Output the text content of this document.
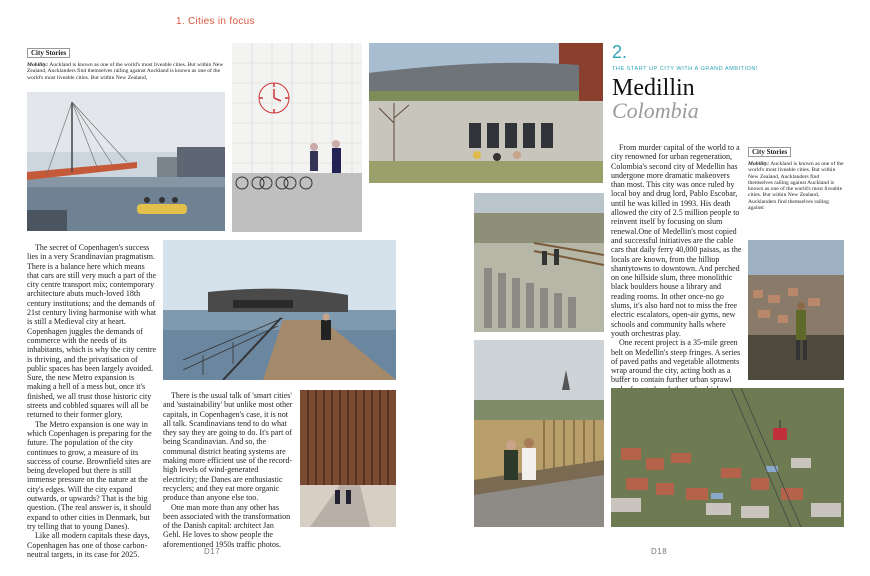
1. Cities in focus
City Stories
Mobility: Auckland is known as one of the world's most liveable cities. But within New Zealand, Aucklanders find themselves railing against Auckland is known as one of the world's most liveable cities. But within New Zealand,

The secret of Copenhagen's success lies in a very Scandinavian pragmatism. There is a balance here which means that cars are still very much a part of the city centre transport mix; contemporary architecture abuts much-loved 18th century institutions; and the demands of 21st century living harmonise with what is still a Medieval city at heart. Copenhagen juggles the demands of commerce with the needs of its inhabitants, which is why the city centre is thriving, and the privatisation of public spaces has been largely avoided. Sure, the new Metro expansion is making a hell of a mess but, once it's finished, we all trust those historic city streets and cobbled squares will all be returned to their former glory.

The Metro expansion is one way in which Copenhagen is preparing for the future. The population of the city continues to grow, a measure of its success of course. Brownfield sites are being developed but there is still immense pressure on the nature at the city's edges. Will the city expand outwards, or upwards? That is the big question. (The real answer is, it should expand to other cities in Denmark, but try telling that to young Danes).

Like all modern capitals these days, Copenhagen has one of those carbon-neutral targets, in its case for 2025.

There is the usual talk of 'smart cities' and 'sustainability' but unlike most other capitals, in Copenhagen's case, it is not all talk. Scandinavians tend to do what they say they are going to do. It's part of being Scandinavian. And so, the communal district heating systems are making more efficient use of the record-high levels of wind-generated electricity; the Danes are enthusiastic recyclers; and they eat more organic produce than anyone else too.

One man more than any other has been associated with the transformation of the Danish capital: architect Jan Gehl. He loves to show people the aforementioned 1950s traffic photos.

D17
2.
THE START UP CITY WITH A GRAND AMBITION!
Medillin
Colombia

From murder capital of the world to a city renowned for urban regeneration, Colombia's second city of Medellin has undergone more dramatic makeovers than most. This city was once ruled by local boy and drug lord, Pablo Escobar, until he was killed in 1993. His death allowed the city of 2.5 million people to reinvent itself by focusing on slum renewal.One of Medellin's most copied and successful initiatives are the cable cars that daily ferry 40,000 paisas, as the locals are known, from the hilltop shantytowns to downtown. And perched on one hillside slum, three monolithic black boulders house a library and reading rooms. In other once-no go slums, it's also hard not to miss the free electric escalators, open-air gyms, new schools and community halls where youth orchestras play.

One recent project is a 35-mile green belt on Medellin's steep fringes. A series of paved paths and vegetable allotments wrap around the city, acting both as a buffer to contain further urban sprawl

City Stories
Mobility: Auckland is known as one of the world's most liveable cities. But within New Zealand, Aucklanders find themselves railing against Auckland is known as one of the world's most liveable cities. But within New Zealand, Aucklanders find themselves railing against
D18
